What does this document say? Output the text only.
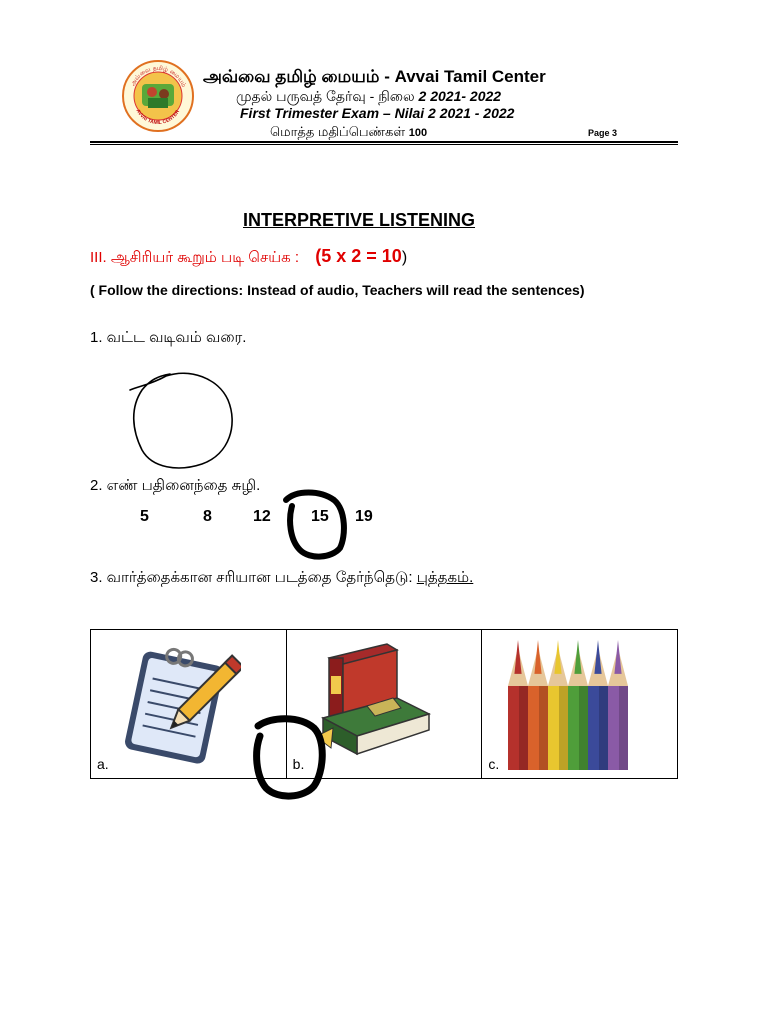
அவ்வை தமிழ் மையம்
AVVAI TAMIL CENTER
அவ்வை தமிழ் மையம் - Avvai Tamil Center
முதல் பருவத் தேர்வு - நிலை 2 2021- 2022
First Trimester Exam – Nilai 2 2021 - 2022
மொத்த மதிப்பெண்கள் 100	Page 3
INTERPRETIVE LISTENING
III. ஆசிரியர் கூறும் படி செய்க : (5 x 2 = 10)
( Follow the directions: Instead of audio, Teachers will read the sentences)
1. வட்ட வடிவம் வரை.
2. எண் பதினைந்தை சுழி.
5	8	12	15 19
3. வார்த்தைக்கான சரியான படத்தை தேர்ந்தெடு: புத்தகம்.
a.	b.	c.
